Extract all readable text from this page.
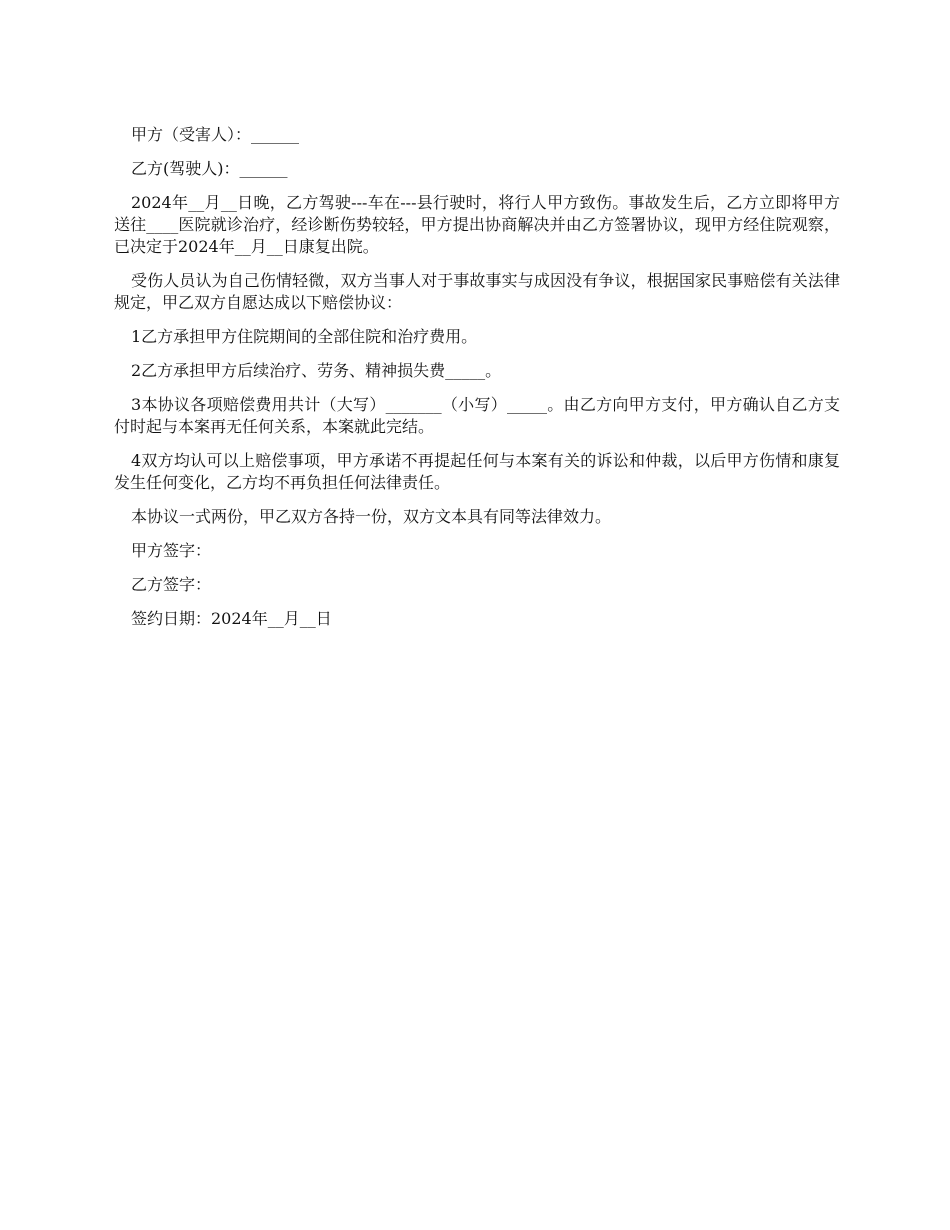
甲方（受害人）：______

乙方(驾驶人)：______

2024年__月__日晚，乙方驾驶---车在---县行驶时，将行人甲方致伤。事故发生后，乙方立即将甲方送往____医院就诊治疗，经诊断伤势较轻，甲方提出协商解决并由乙方签署协议，现甲方经住院观察，已决定于2024年__月__日康复出院。

受伤人员认为自己伤情轻微，双方当事人对于事故事实与成因没有争议，根据国家民事赔偿有关法律规定，甲乙双方自愿达成以下赔偿协议：

1乙方承担甲方住院期间的全部住院和治疗费用。

2乙方承担甲方后续治疗、劳务、精神损失费_____。

3本协议各项赔偿费用共计（大写）_______（小写）_____。由乙方向甲方支付，甲方确认自乙方支付时起与本案再无任何关系，本案就此完结。

4双方均认可以上赔偿事项，甲方承诺不再提起任何与本案有关的诉讼和仲裁，以后甲方伤情和康复发生任何变化，乙方均不再负担任何法律责任。

本协议一式两份，甲乙双方各持一份，双方文本具有同等法律效力。

甲方签字：

乙方签字：

签约日期：2024年__月__日
